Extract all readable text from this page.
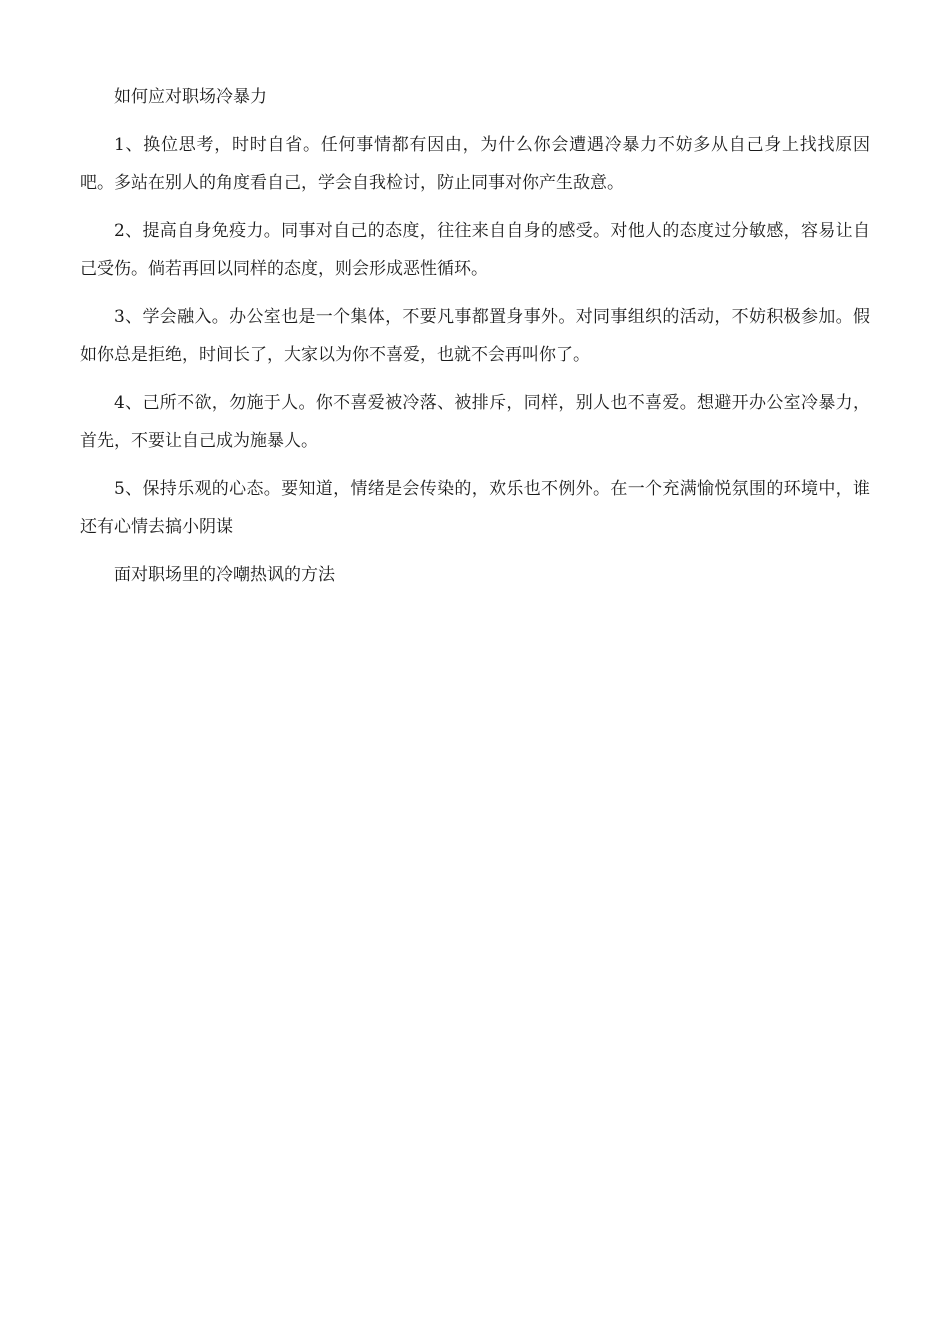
如何应对职场冷暴力

1、换位思考，时时自省。任何事情都有因由，为什么你会遭遇冷暴力不妨多从自己身上找找原因吧。多站在别人的角度看自己，学会自我检讨，防止同事对你产生敌意。

2、提高自身免疫力。同事对自己的态度，往往来自自身的感受。对他人的态度过分敏感，容易让自己受伤。倘若再回以同样的态度，则会形成恶性循环。

3、学会融入。办公室也是一个集体，不要凡事都置身事外。对同事组织的活动，不妨积极参加。假如你总是拒绝，时间长了，大家以为你不喜爱，也就不会再叫你了。

4、己所不欲，勿施于人。你不喜爱被冷落、被排斥，同样，别人也不喜爱。想避开办公室冷暴力，首先，不要让自己成为施暴人。

5、保持乐观的心态。要知道，情绪是会传染的，欢乐也不例外。在一个充满愉悦氛围的环境中，谁还有心情去搞小阴谋

面对职场里的冷嘲热讽的方法
